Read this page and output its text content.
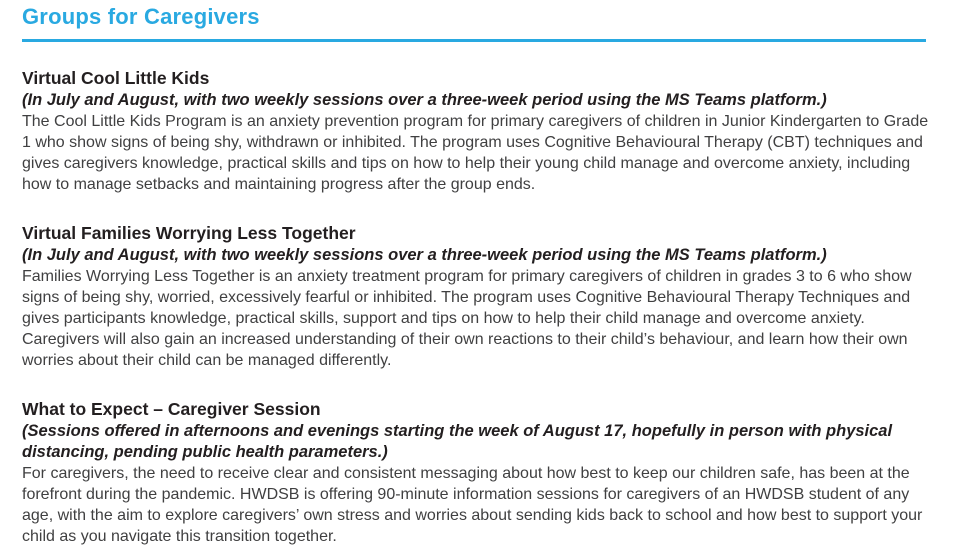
Groups for Caregivers
Virtual Cool Little Kids

(In July and August, with two weekly sessions over a three-week period using the MS Teams platform.)

The Cool Little Kids Program is an anxiety prevention program for primary caregivers of children in Junior Kindergarten to Grade 1 who show signs of being shy, withdrawn or inhibited. The program uses Cognitive Behavioural Therapy (CBT) techniques and gives caregivers knowledge, practical skills and tips on how to help their young child manage and overcome anxiety, including how to manage setbacks and maintaining progress after the group ends.

Virtual Families Worrying Less Together

(In July and August, with two weekly sessions over a three-week period using the MS Teams platform.)

Families Worrying Less Together is an anxiety treatment program for primary caregivers of children in grades 3 to 6 who show signs of being shy, worried, excessively fearful or inhibited. The program uses Cognitive Behavioural Therapy Techniques and gives participants knowledge, practical skills, support and tips on how to help their child manage and overcome anxiety. Caregivers will also gain an increased understanding of their own reactions to their child’s behaviour, and learn how their own worries about their child can be managed differently.

What to Expect – Caregiver Session

(Sessions offered in afternoons and evenings starting the week of August 17, hopefully in person with physical distancing, pending public health parameters.)

For caregivers, the need to receive clear and consistent messaging about how best to keep our children safe, has been at the forefront during the pandemic. HWDSB is offering 90-minute information sessions for caregivers of an HWDSB student of any age, with the aim to explore caregivers’ own stress and worries about sending kids back to school and how best to support your child as you navigate this transition together.
